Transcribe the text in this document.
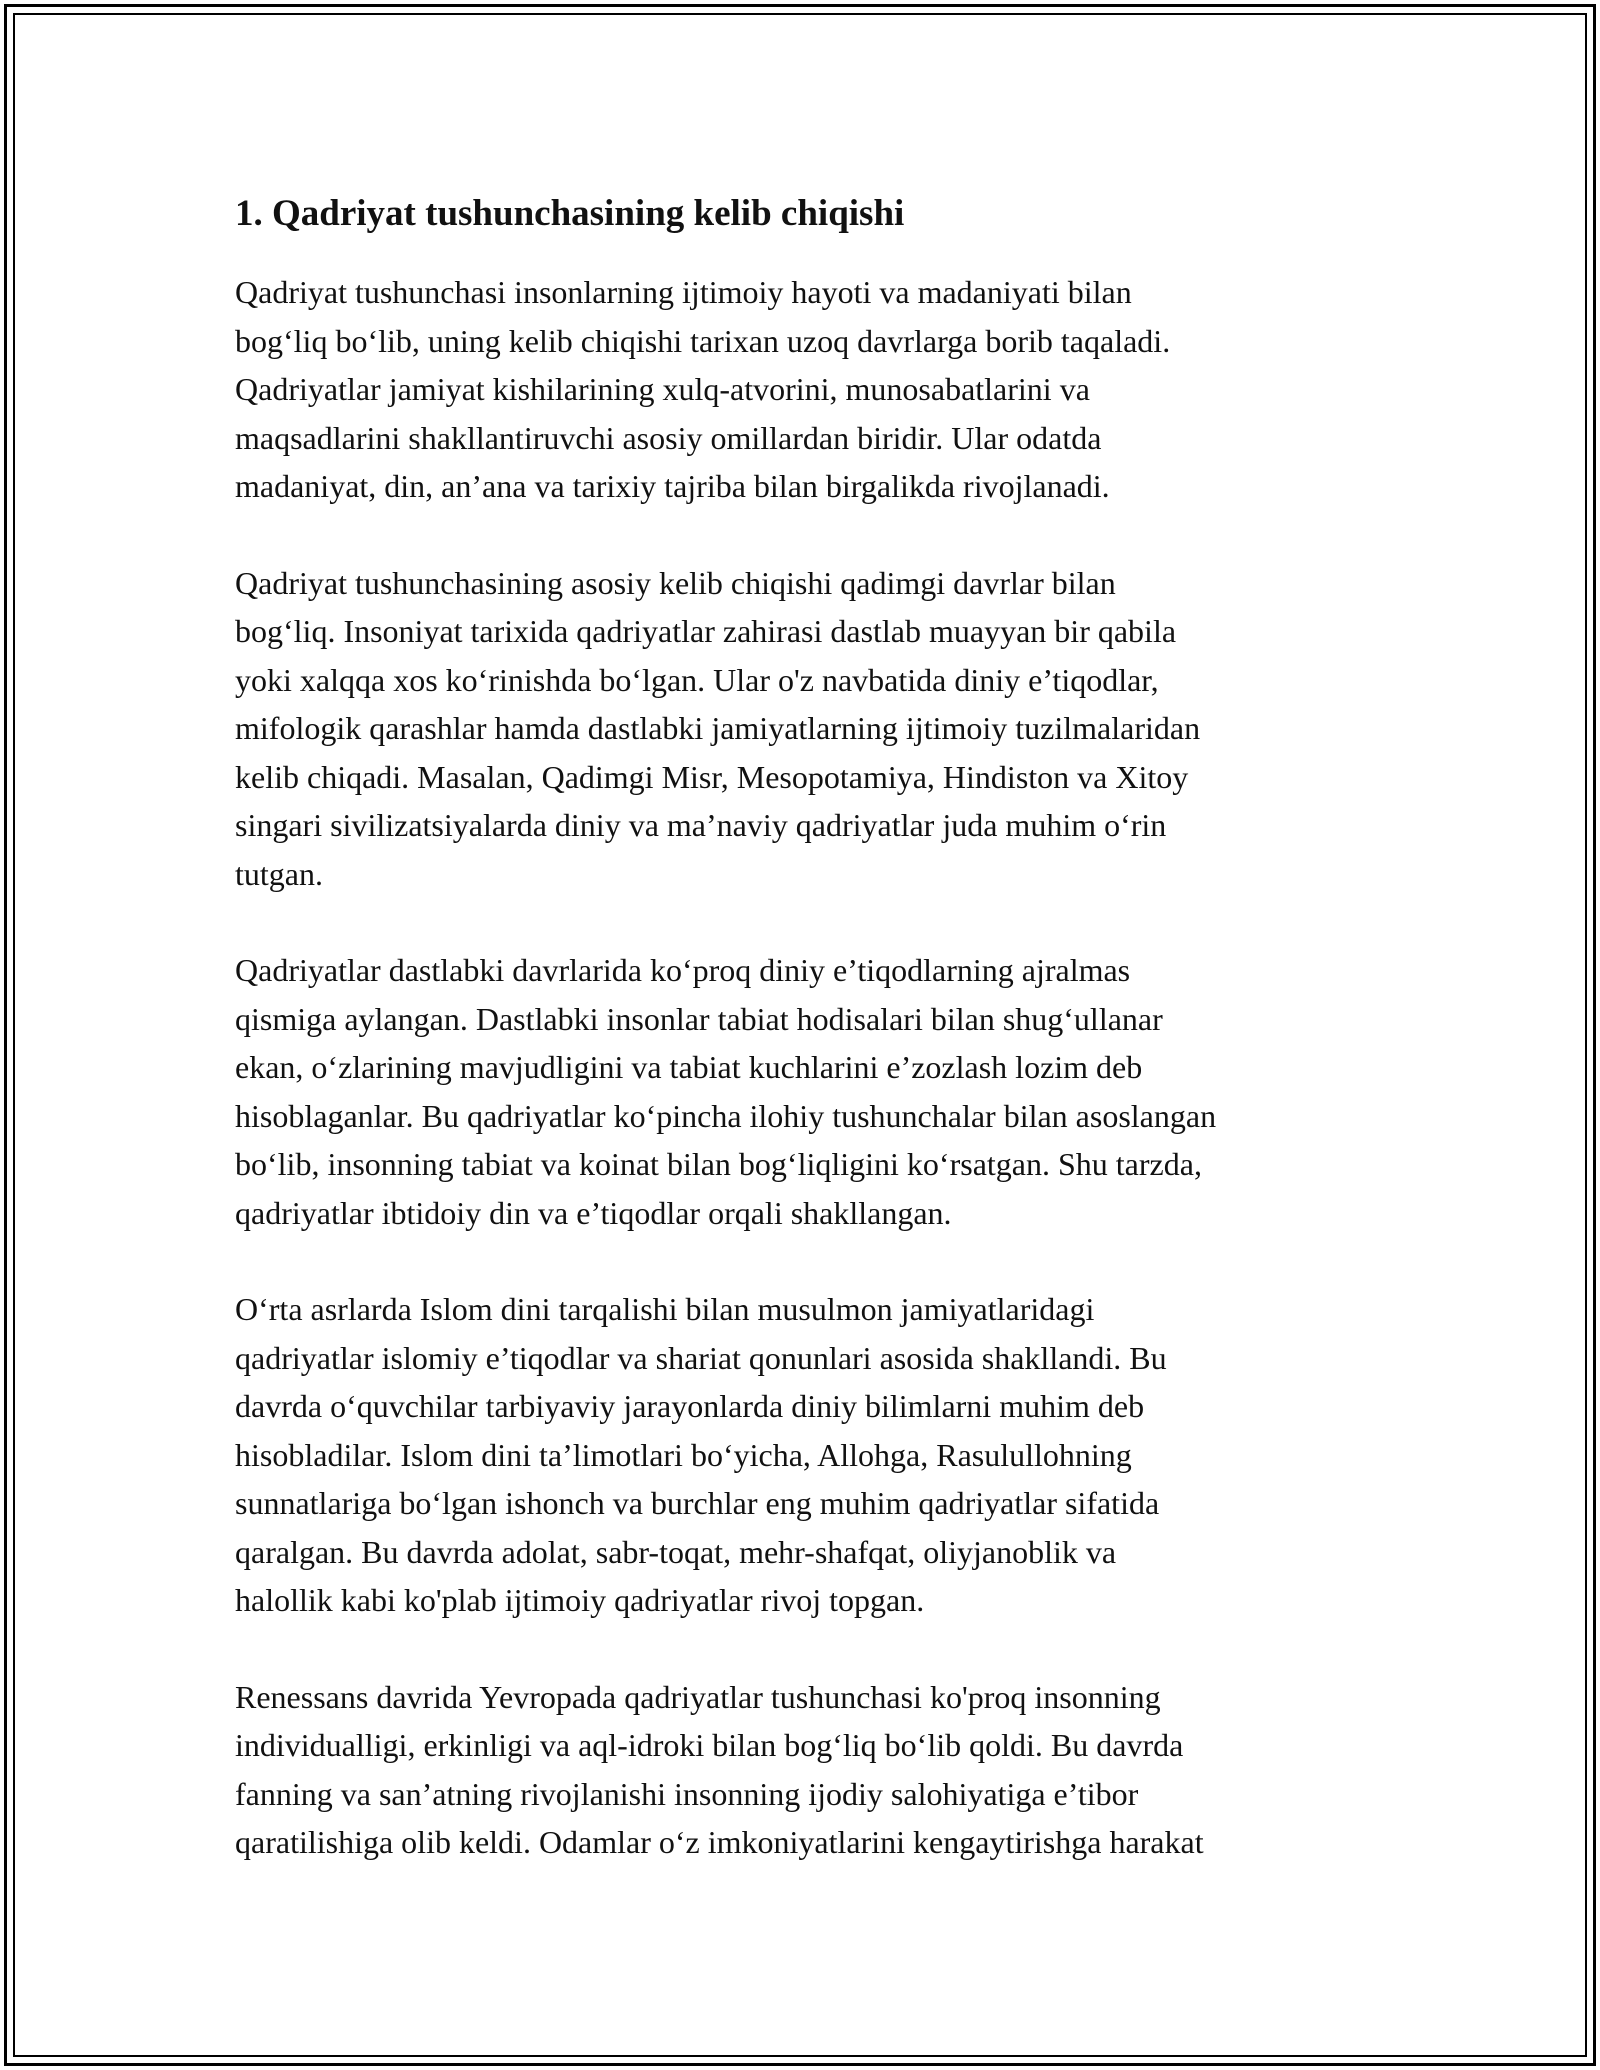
1. Qadriyat tushunchasining kelib chiqishi

Qadriyat tushunchasi insonlarning ijtimoiy hayoti va madaniyati bilan
bog‘liq bo‘lib, uning kelib chiqishi tarixan uzoq davrlarga borib taqaladi.
Qadriyatlar jamiyat kishilarining xulq-atvorini, munosabatlarini va
maqsadlarini shakllantiruvchi asosiy omillardan biridir. Ular odatda
madaniyat, din, an’ana va tarixiy tajriba bilan birgalikda rivojlanadi.

Qadriyat tushunchasining asosiy kelib chiqishi qadimgi davrlar bilan
bog‘liq. Insoniyat tarixida qadriyatlar zahirasi dastlab muayyan bir qabila
yoki xalqqa xos ko‘rinishda bo‘lgan. Ular o'z navbatida diniy e’tiqodlar,
mifologik qarashlar hamda dastlabki jamiyatlarning ijtimoiy tuzilmalaridan
kelib chiqadi. Masalan, Qadimgi Misr, Mesopotamiya, Hindiston va Xitoy
singari sivilizatsiyalarda diniy va ma’naviy qadriyatlar juda muhim o‘rin
tutgan.

Qadriyatlar dastlabki davrlarida ko‘proq diniy e’tiqodlarning ajralmas
qismiga aylangan. Dastlabki insonlar tabiat hodisalari bilan shug‘ullanar
ekan, o‘zlarining mavjudligini va tabiat kuchlarini e’zozlash lozim deb
hisoblaganlar. Bu qadriyatlar ko‘pincha ilohiy tushunchalar bilan asoslangan
bo‘lib, insonning tabiat va koinat bilan bog‘liqligini ko‘rsatgan. Shu tarzda,
qadriyatlar ibtidoiy din va e’tiqodlar orqali shakllangan.

O‘rta asrlarda Islom dini tarqalishi bilan musulmon jamiyatlaridagi
qadriyatlar islomiy e’tiqodlar va shariat qonunlari asosida shakllandi. Bu
davrda o‘quvchilar tarbiyaviy jarayonlarda diniy bilimlarni muhim deb
hisobladilar. Islom dini ta’limotlari bo‘yicha, Allohga, Rasulullohning
sunnatlariga bo‘lgan ishonch va burchlar eng muhim qadriyatlar sifatida
qaralgan. Bu davrda adolat, sabr-toqat, mehr-shafqat, oliyjanoblik va
halollik kabi ko'plab ijtimoiy qadriyatlar rivoj topgan.

Renessans davrida Yevropada qadriyatlar tushunchasi ko'proq insonning
individualligi, erkinligi va aql-idroki bilan bog‘liq bo‘lib qoldi. Bu davrda
fanning va san’atning rivojlanishi insonning ijodiy salohiyatiga e’tibor
qaratilishiga olib keldi. Odamlar o‘z imkoniyatlarini kengaytirishga harakat
